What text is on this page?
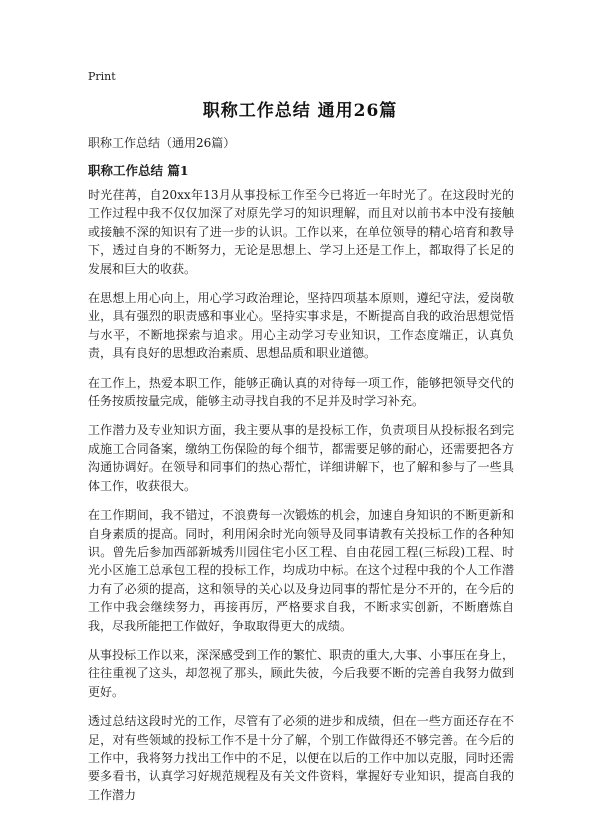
Print
职称工作总结 通用26篇
职称工作总结（通用26篇）
职称工作总结 篇1

时光荏苒，自20xx年13月从事投标工作至今已将近一年时光了。在这段时光的工作过程中我不仅仅加深了对原先学习的知识理解，而且对以前书本中没有接触或接触不深的知识有了进一步的认识。工作以来，在单位领导的精心培育和教导下，透过自身的不断努力，无论是思想上、学习上还是工作上，都取得了长足的发展和巨大的收获。

在思想上用心向上，用心学习政治理论，坚持四项基本原则，遵纪守法，爱岗敬业，具有强烈的职责感和事业心。坚持实事求是，不断提高自我的政治思想觉悟与水平，不断地探索与追求。用心主动学习专业知识，工作态度端正，认真负责，具有良好的思想政治素质、思想品质和职业道德。

在工作上，热爱本职工作，能够正确认真的对待每一项工作，能够把领导交代的任务按质按量完成，能够主动寻找自我的不足并及时学习补充。

工作潜力及专业知识方面，我主要从事的是投标工作，负责项目从投标报名到完成施工合同备案，缴纳工伤保险的每个细节，都需要足够的耐心，还需要把各方沟通协调好。在领导和同事们的热心帮忙，详细讲解下，也了解和参与了一些具体工作，收获很大。

在工作期间，我不错过，不浪费每一次锻炼的机会，加速自身知识的不断更新和自身素质的提高。同时，利用闲余时光向领导及同事请教有关投标工作的各种知识。曾先后参加西部新城秀川园住宅小区工程、自由花园工程(三标段)工程、时光小区施工总承包工程的投标工作，均成功中标。在这个过程中我的个人工作潜力有了必须的提高，这和领导的关心以及身边同事的帮忙是分不开的，在今后的工作中我会继续努力，再接再厉，严格要求自我，不断求实创新，不断磨炼自我，尽我所能把工作做好，争取取得更大的成绩。

从事投标工作以来，深深感受到工作的繁忙、职责的重大,大事、小事压在身上，往往重视了这头，却忽视了那头，顾此失彼，今后我要不断的完善自我努力做到更好。

透过总结这段时光的工作，尽管有了必须的进步和成绩，但在一些方面还存在不足，对有些领域的投标工作不是十分了解，个别工作做得还不够完善。在今后的工作中，我将努力找出工作中的不足，以便在以后的工作中加以克服，同时还需要多看书，认真学习好规范规程及有关文件资料，掌握好专业知识，提高自我的工作潜力
